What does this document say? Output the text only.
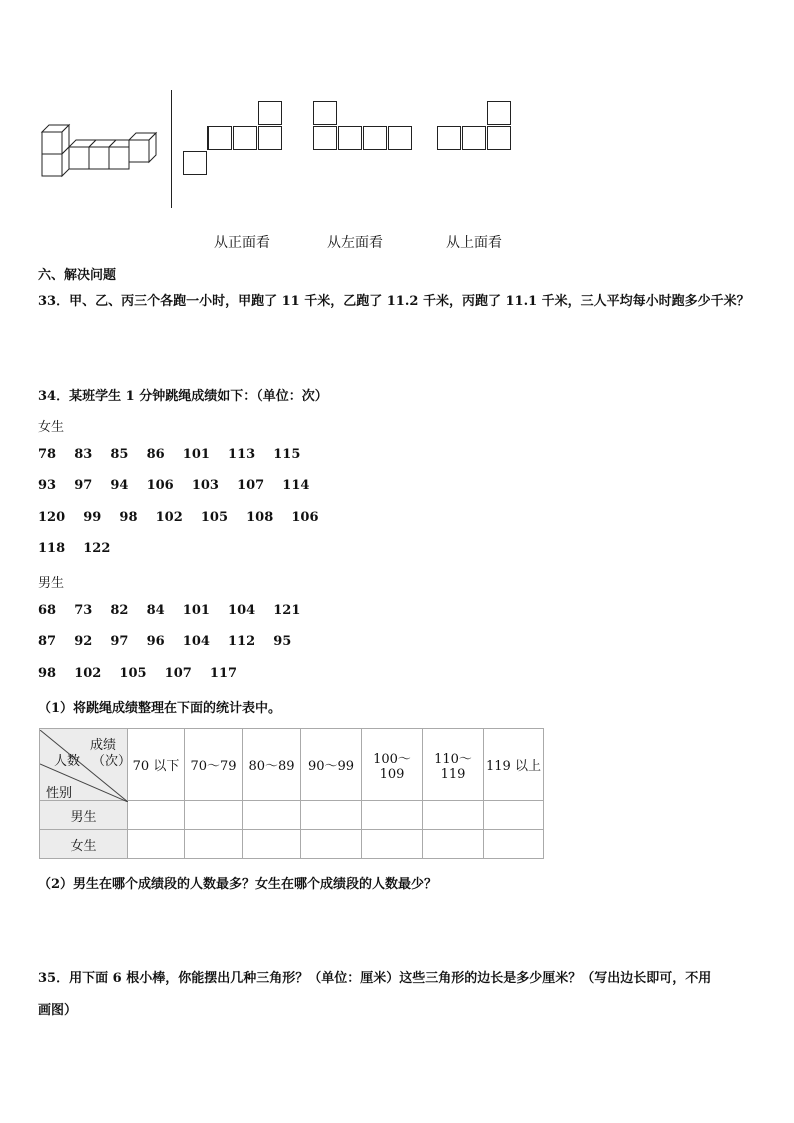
从正面看	从左面看	从上面看
六、解决问题
33．甲、乙、丙三个各跑一小时，甲跑了 11 千米，乙跑了 11.2 千米，丙跑了 11.1 千米，三人平均每小时跑多少千米？
34．某班学生 1 分钟跳绳成绩如下：（单位：次）
女生
78    83    85    86    101    113    115
93    97    94    106    103    107    114
120    99    98    102    105    108    106
118    122
男生
68    73    82    84    101    104    121
87    92    97    96    104    112    95
98    102    105    107    117
（1）将跳绳成绩整理在下面的统计表中。
成绩
（次）
人数
性别	70 以下	70～79	80～89	90～99	100～109	110～119	119 以上
男生							
女生							
（2）男生在哪个成绩段的人数最多？女生在哪个成绩段的人数最少？
35．用下面 6 根小棒，你能摆出几种三角形？（单位：厘米）这些三角形的边长是多少厘米？（写出边长即可，不用
画图）
